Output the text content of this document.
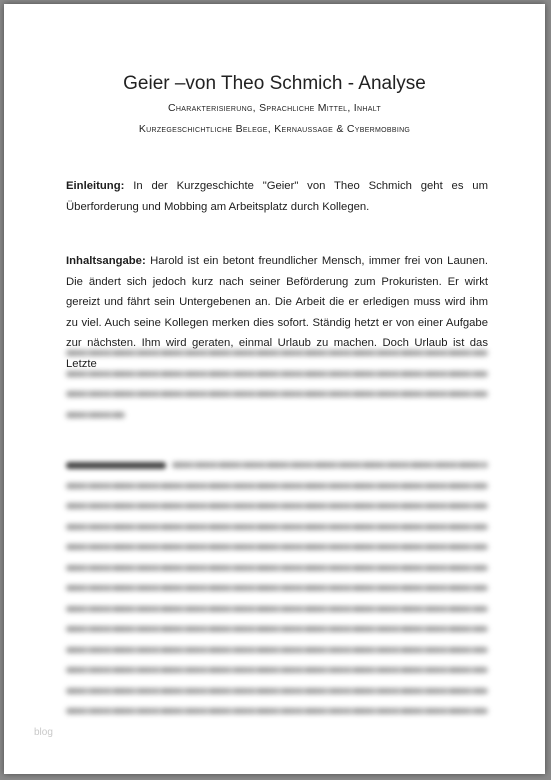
Geier –von Theo Schmich - Analyse
Charakterisierung, Sprachliche Mittel, Inhalt
Kurzegeschichtliche Belege, Kernaussage & Cybermobbing
Einleitung: In der Kurzgeschichte "Geier" von Theo Schmich geht es um Überforderung und Mobbing am Arbeitsplatz durch Kollegen.
Inhaltsangabe: Harold ist ein betont freundlicher Mensch, immer frei von Launen. Die ändert sich jedoch kurz nach seiner Beförderung zum Prokuristen. Er wirkt gereizt und fährt sein Untergebenen an. Die Arbeit die er erledigen muss wird ihm zu viel. Auch seine Kollegen merken dies sofort. Ständig hetzt er von einer Aufgabe zur nächsten. Ihm wird geraten, einmal Urlaub zu machen. Doch Urlaub ist das Letzte
blog
